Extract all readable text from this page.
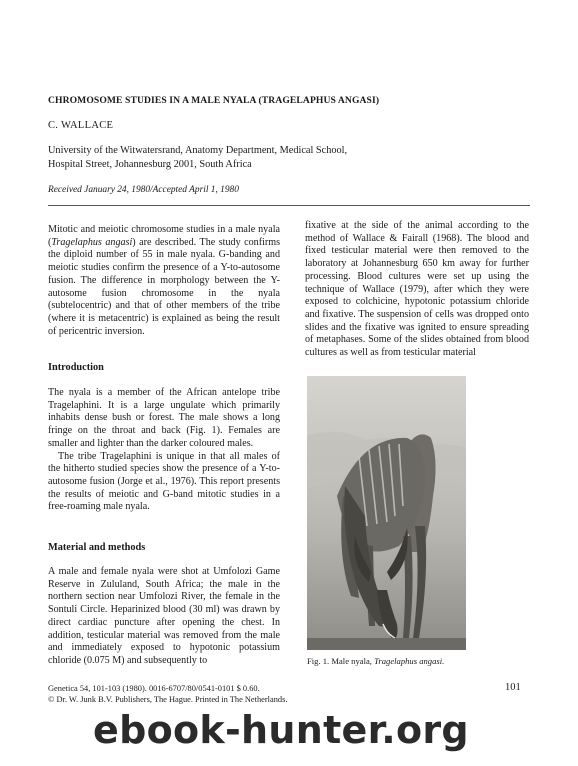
CHROMOSOME STUDIES IN A MALE NYALA (TRAGELAPHUS ANGASI)
C. WALLACE
University of the Witwatersrand, Anatomy Department, Medical School,
Hospital Street, Johannesburg 2001, South Africa
Received January 24, 1980/Accepted April 1, 1980
Mitotic and meiotic chromosome studies in a male nyala (Tragelaphus angasi) are described. The study confirms the diploid number of 55 in male nyala. G-banding and meiotic studies confirm the presence of a Y-to-autosome fusion. The difference in morphology between the Y-autosome fusion chromosome in the nyala (subtelocentric) and that of other members of the tribe (where it is metacentric) is explained as being the result of pericentric inversion.
Introduction

The nyala is a member of the African antelope tribe Tragelaphini. It is a large ungulate which primarily inhabits dense bush or forest. The male shows a long fringe on the throat and back (Fig. 1). Females are smaller and lighter than the darker coloured males.

The tribe Tragelaphini is unique in that all males of the hitherto studied species show the presence of a Y-to-autosome fusion (Jorge et al., 1976). This report presents the results of meiotic and G-band mitotic studies in a free-roaming male nyala.

Material and methods
A male and female nyala were shot at Umfolozi Game Reserve in Zululand, South Africa; the male in the northern section near Umfolozi River, the female in the Sontuli Circle. Heparinized blood (30 ml) was drawn by direct cardiac puncture after opening the chest. In addition, testicular material was removed from the male and immediately exposed to hypotonic potassium chloride (0.075 M) and subsequently to
fixative at the side of the animal according to the method of Wallace & Fairall (1968). The blood and fixed testicular material were then removed to the laboratory at Johannesburg 650 km away for further processing. Blood cultures were set up using the technique of Wallace (1979), after which they were exposed to colchicine, hypotonic potassium chloride and fixative. The suspension of cells was dropped onto slides and the fixative was ignited to ensure spreading of metaphases. Some of the slides obtained from blood cultures as well as from testicular material
Fig. 1. Male nyala, Tragelaphus angasi.
Genetica 54, 101-103 (1980). 0016-6707/80/0541-0101 $ 0.60.
© Dr. W. Junk B.V. Publishers, The Hague. Printed in The Netherlands.
101
ebook-hunter.org
